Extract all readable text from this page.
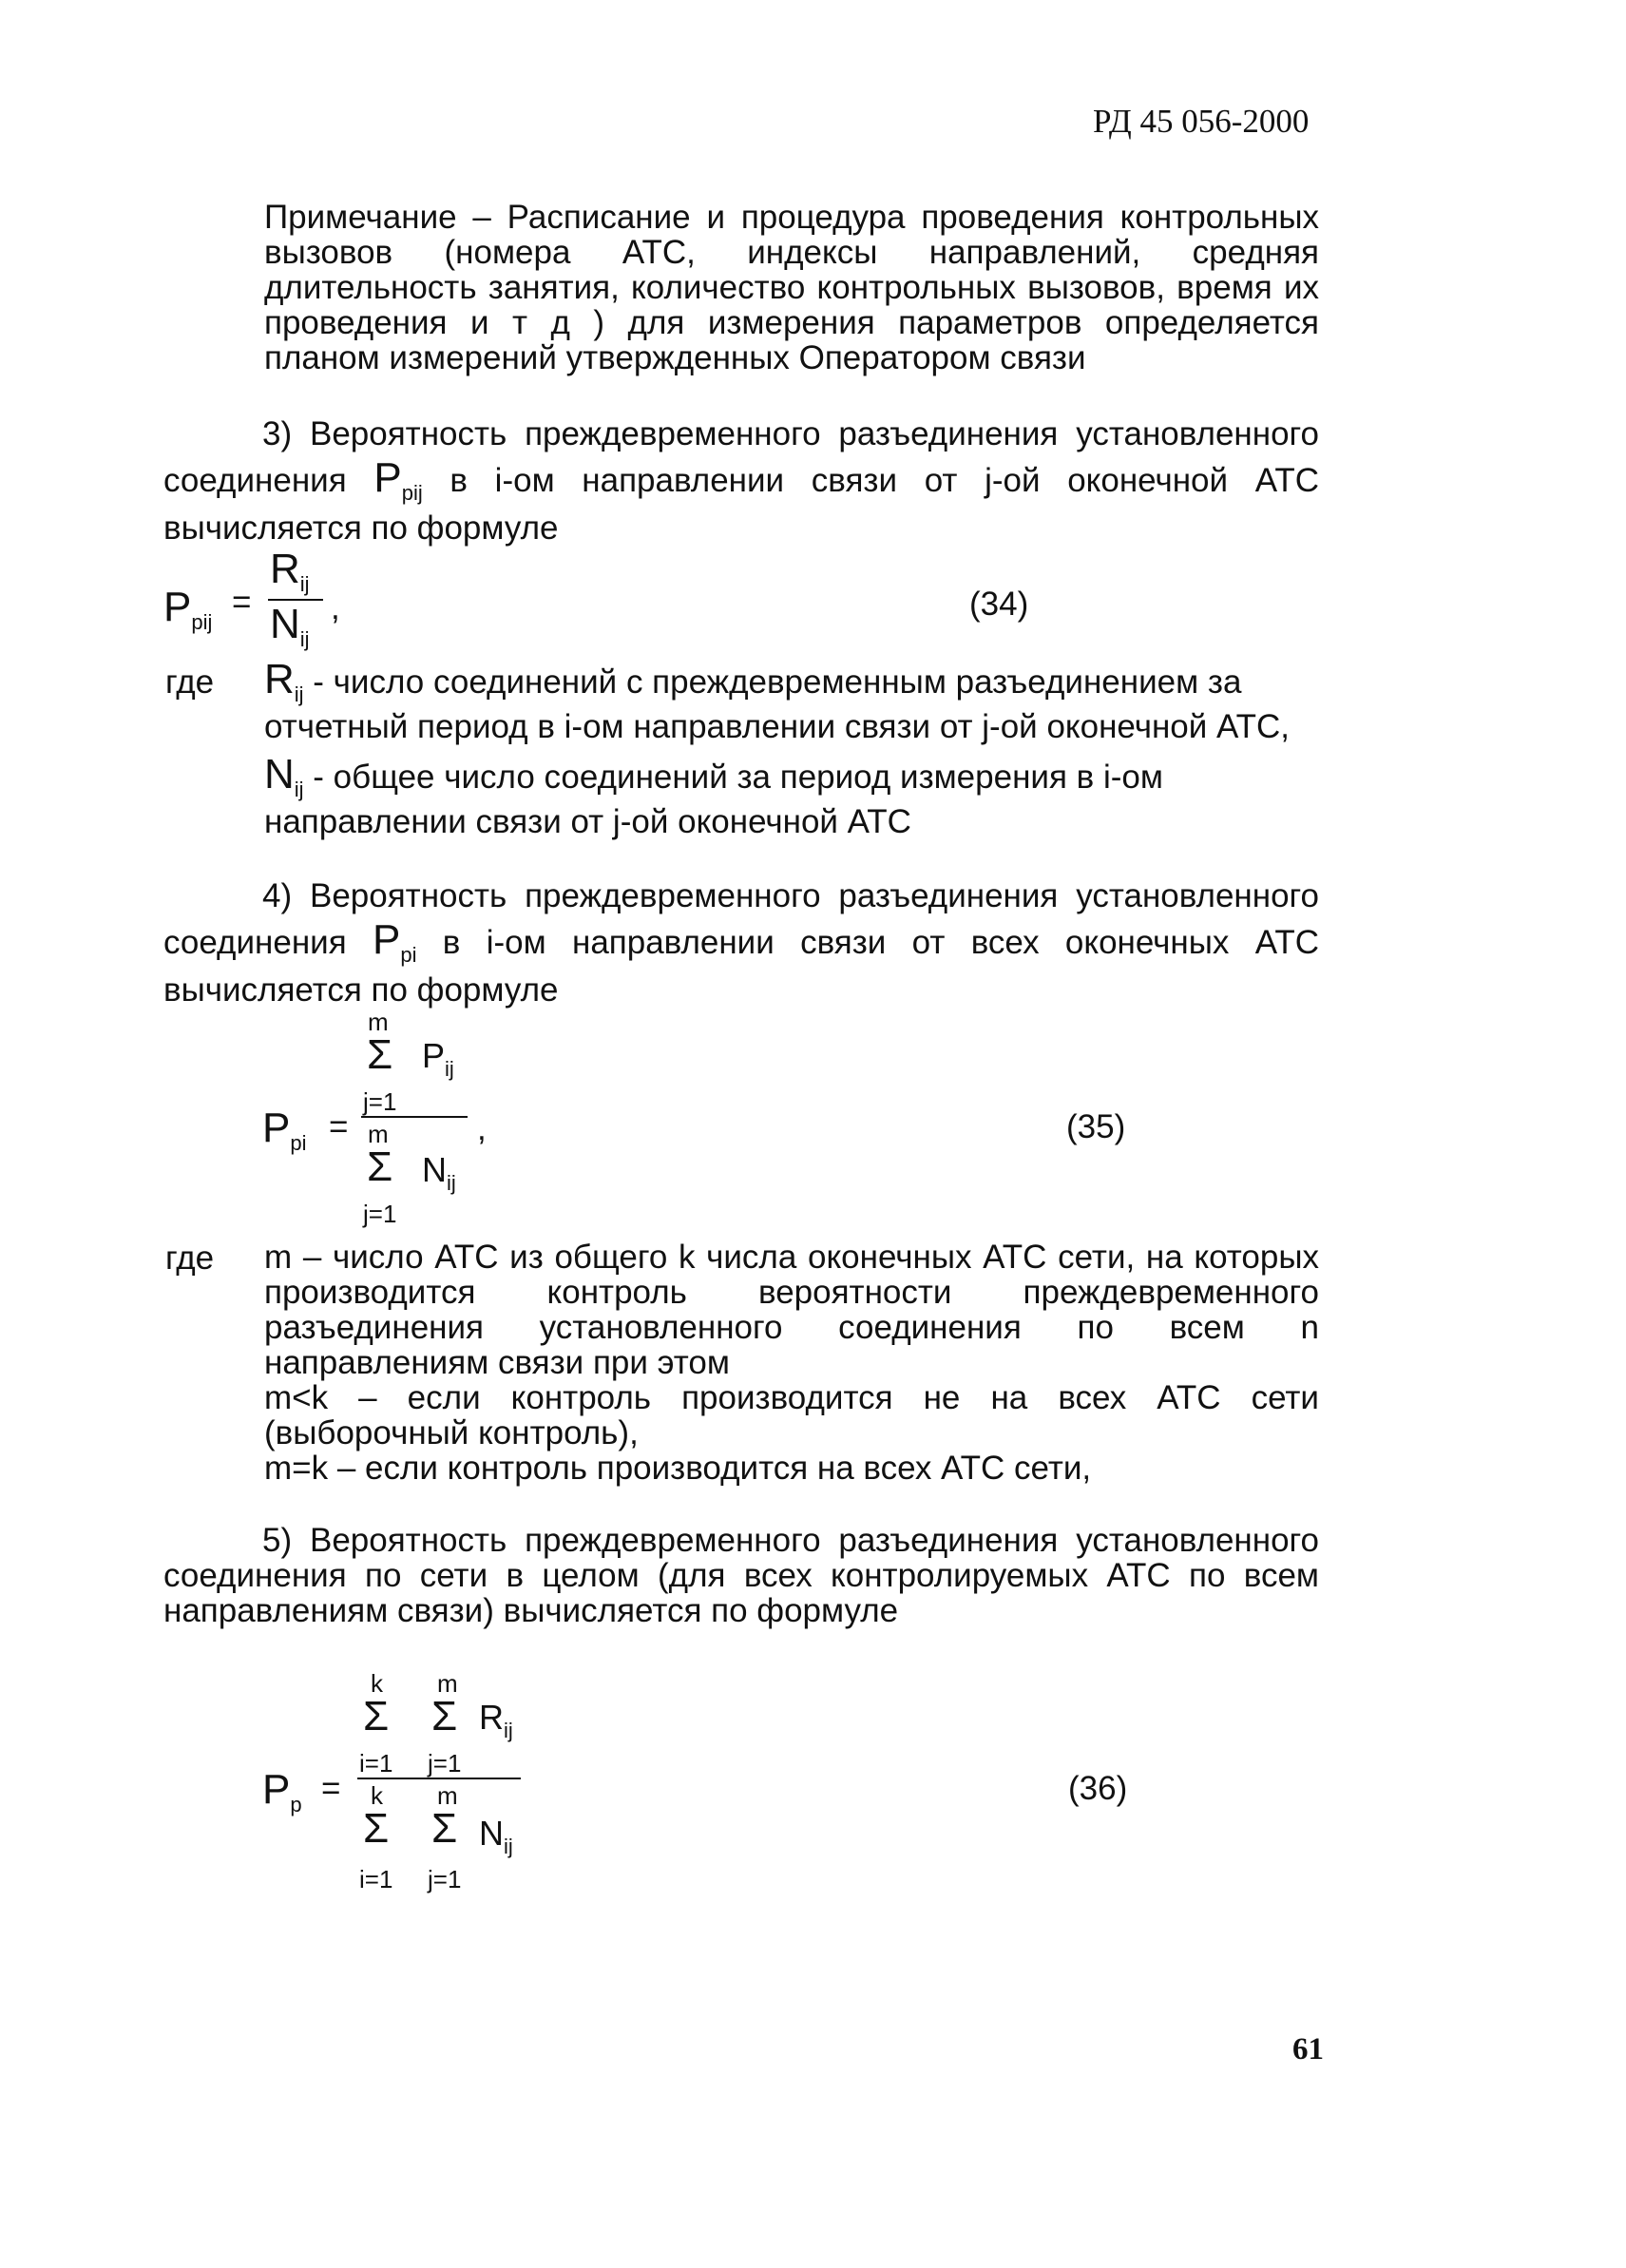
РД 45 056-2000
Примечание – Расписание и процедура проведения контрольных вызовов (номера АТС, индексы направлений, средняя длительность занятия, количество контрольных вызовов, время их проведения и т д ) для измерения параметров определяется планом измерений утвержденных Оператором связи
3) Вероятность преждевременного разъединения установленного соединения $P_{рij}$ в i-ом направлении связи от j-ой оконечной АТС вычисляется по формуле
$P_{рij}$
=
$R_{ij}$
$N_{ij}$
,	(34)
где $R_{ij}$ - число соединений с преждевременным разъединением за
отчетный период в i-ом направлении связи от j-ой оконечной АТС,
$N_{ij}$ - общее число соединений за период измерения в i-ом
направлении связи от j-ой оконечной АТС
4) Вероятность преждевременного разъединения установленного соединения $P_{рi}$ в i-ом направлении связи от всех оконечных АТС вычисляется по формуле
$P_{рi}$ =
m
Σ $P_{ij}$
j=1
m
Σ $N_{ij}$
j=1
,	(35)
где m – число АТС из общего k числа оконечных АТС сети, на которых
производится контроль вероятности преждевременного
разъединения установленного соединения по всем n
направлениям связи при этом
m<k – если контроль производится не на всех АТС сети
(выборочный контроль),
m=k – если контроль производится на всех АТС сети,
5) Вероятность преждевременного разъединения установленного соединения по сети в целом (для всех контролируемых АТС по всем направлениям связи) вычисляется по формуле
$P_р$ =
k m
Σ Σ $R_{ij}$
i=1 j=1
k m
Σ Σ $N_{ij}$
i=1 j=1
(36)
61
